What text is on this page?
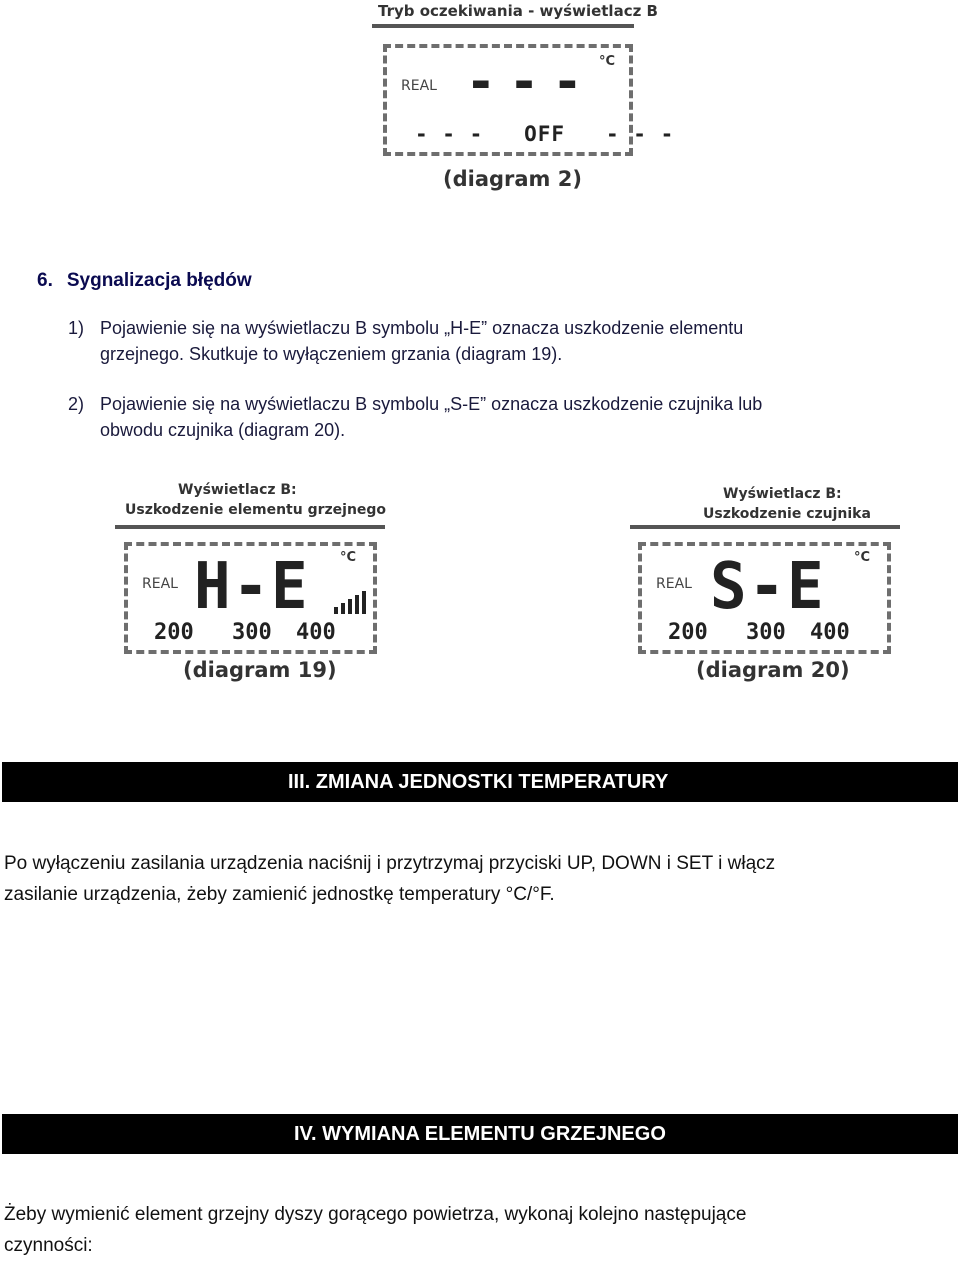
Tryb oczekiwania - wyświetlacz B
REAL
°C
▬ ▬ ▬
- - -   OFF   - - -
(diagram 2)
6. Sygnalizacja błędów
1) Pojawienie się na wyświetlaczu B symbolu „H-E” oznacza uszkodzenie elementu
grzejnego. Skutkuje to wyłączeniem grzania (diagram 19).
2) Pojawienie się na wyświetlaczu B symbolu „S-E” oznacza uszkodzenie czujnika lub
obwodu czujnika (diagram 20).
Wyświetlacz B:
Uszkodzenie elementu grzejnego
REAL
°C
H-E
200 300 400
(diagram 19)
Wyświetlacz B:
Uszkodzenie czujnika
REAL
°C
S-E
200 300 400
(diagram 20)
III. ZMIANA JEDNOSTKI TEMPERATURY
Po wyłączeniu zasilania urządzenia naciśnij i przytrzymaj przyciski UP, DOWN i SET i włącz
zasilanie urządzenia, żeby zamienić jednostkę temperatury °C/°F.
IV. WYMIANA ELEMENTU GRZEJNEGO
Żeby wymienić element grzejny dyszy gorącego powietrza, wykonaj kolejno następujące
czynności:
